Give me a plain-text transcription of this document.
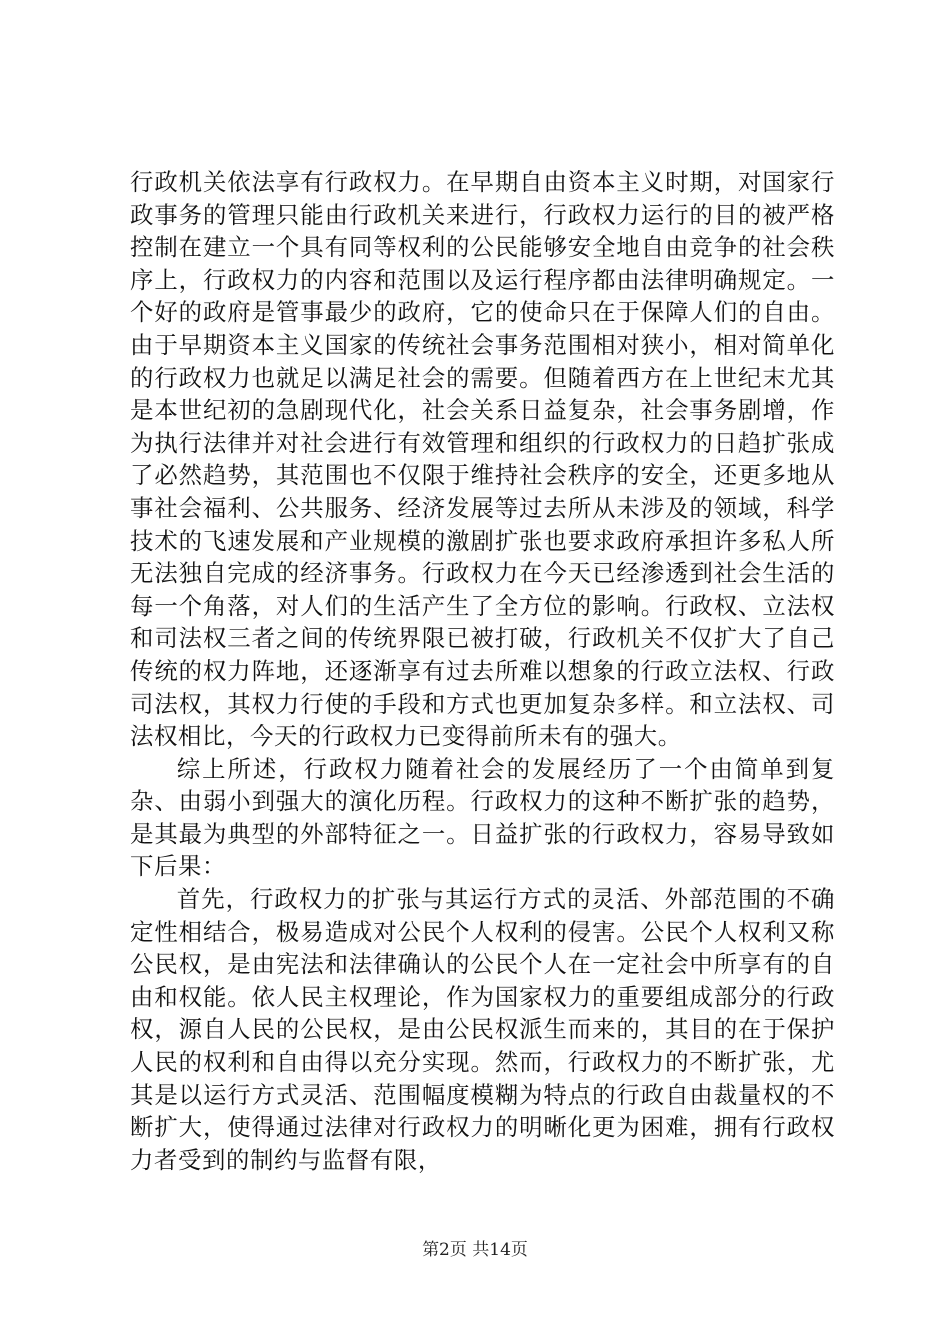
行政机关依法享有行政权力。在早期自由资本主义时期，对国家行政事务的管理只能由行政机关来进行，行政权力运行的目的被严格控制在建立一个具有同等权利的公民能够安全地自由竞争的社会秩序上，行政权力的内容和范围以及运行程序都由法律明确规定。一个好的政府是管事最少的政府，它的使命只在于保障人们的自由。由于早期资本主义国家的传统社会事务范围相对狭小，相对简单化的行政权力也就足以满足社会的需要。但随着西方在上世纪末尤其是本世纪初的急剧现代化，社会关系日益复杂，社会事务剧增，作为执行法律并对社会进行有效管理和组织的行政权力的日趋扩张成了必然趋势，其范围也不仅限于维持社会秩序的安全，还更多地从事社会福利、公共服务、经济发展等过去所从未涉及的领域，科学技术的飞速发展和产业规模的激剧扩张也要求政府承担许多私人所无法独自完成的经济事务。行政权力在今天已经渗透到社会生活的每一个角落，对人们的生活产生了全方位的影响。行政权、立法权和司法权三者之间的传统界限已被打破，行政机关不仅扩大了自己传统的权力阵地，还逐渐享有过去所难以想象的行政立法权、行政司法权，其权力行使的手段和方式也更加复杂多样。和立法权、司法权相比，今天的行政权力已变得前所未有的强大。

综上所述，行政权力随着社会的发展经历了一个由简单到复杂、由弱小到强大的演化历程。行政权力的这种不断扩张的趋势，是其最为典型的外部特征之一。日益扩张的行政权力，容易导致如下后果：

首先，行政权力的扩张与其运行方式的灵活、外部范围的不确定性相结合，极易造成对公民个人权利的侵害。公民个人权利又称公民权，是由宪法和法律确认的公民个人在一定社会中所享有的自由和权能。依人民主权理论，作为国家权力的重要组成部分的行政权，源自人民的公民权，是由公民权派生而来的，其目的在于保护人民的权利和自由得以充分实现。然而，行政权力的不断扩张，尤其是以运行方式灵活、范围幅度模糊为特点的行政自由裁量权的不断扩大，使得通过法律对行政权力的明晰化更为困难，拥有行政权力者受到的制约与监督有限，

第2页 共14页
